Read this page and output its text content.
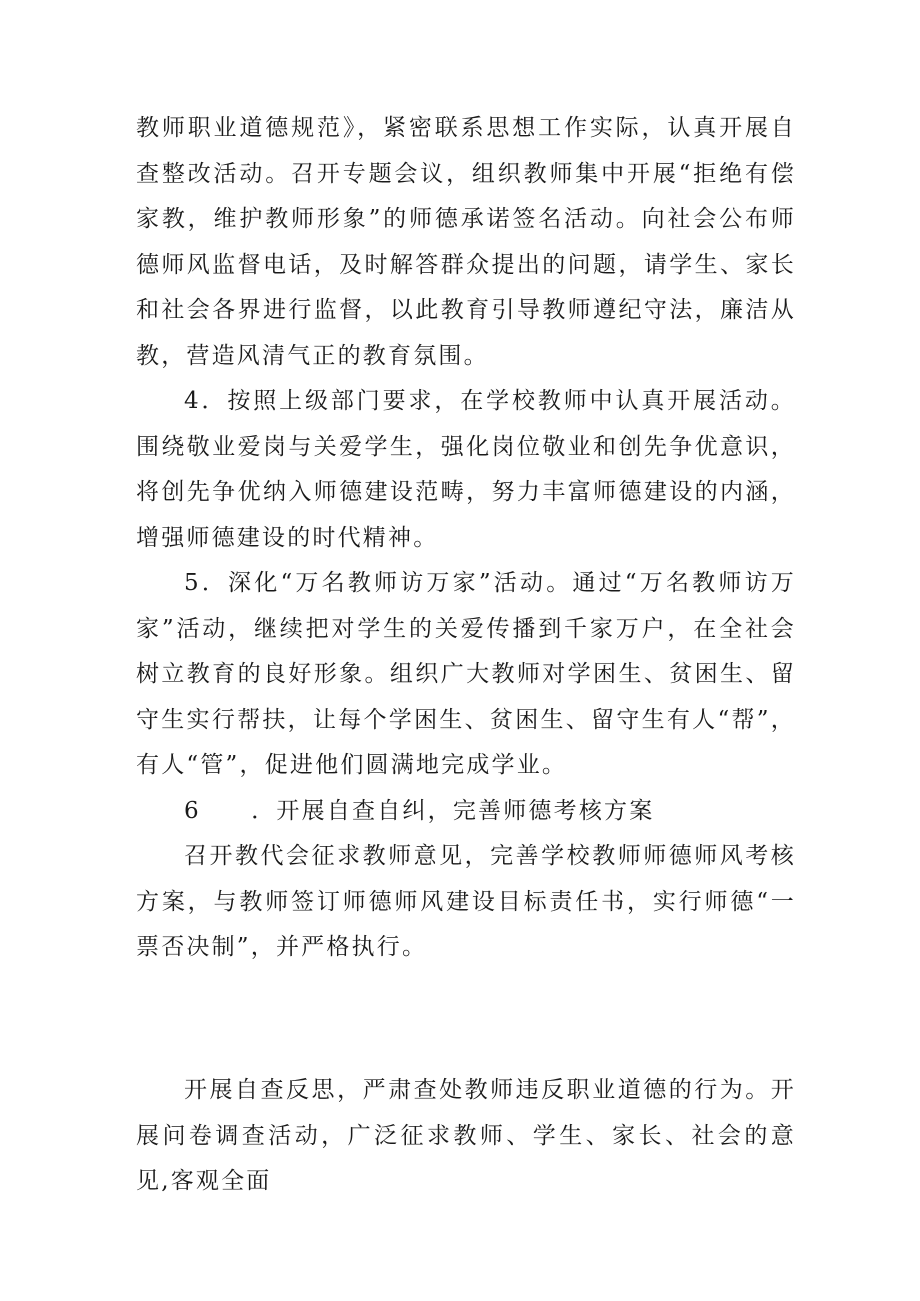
教师职业道德规范》，紧密联系思想工作实际，认真开展自查整改活动。召开专题会议，组织教师集中开展“拒绝有偿家教，维护教师形象”的师德承诺签名活动。向社会公布师德师风监督电话，及时解答群众提出的问题，请学生、家长和社会各界进行监督，以此教育引导教师遵纪守法，廉洁从教，营造风清气正的教育氛围。

4．按照上级部门要求，在学校教师中认真开展活动。围绕敬业爱岗与关爱学生，强化岗位敬业和创先争优意识，将创先争优纳入师德建设范畴，努力丰富师德建设的内涵，增强师德建设的时代精神。

5．深化“万名教师访万家”活动。通过“万名教师访万家”活动，继续把对学生的关爱传播到千家万户，在全社会树立教育的良好形象。组织广大教师对学困生、贫困生、留守生实行帮扶，让每个学困生、贫困生、留守生有人“帮”，有人“管”，促进他们圆满地完成学业。

6　　．开展自查自纠，完善师德考核方案

召开教代会征求教师意见，完善学校教师师德师风考核方案，与教师签订师德师风建设目标责任书，实行师德“一票否决制”，并严格执行。

开展自查反思，严肃查处教师违反职业道德的行为。开展问卷调查活动，广泛征求教师、学生、家长、社会的意见,客观全面
